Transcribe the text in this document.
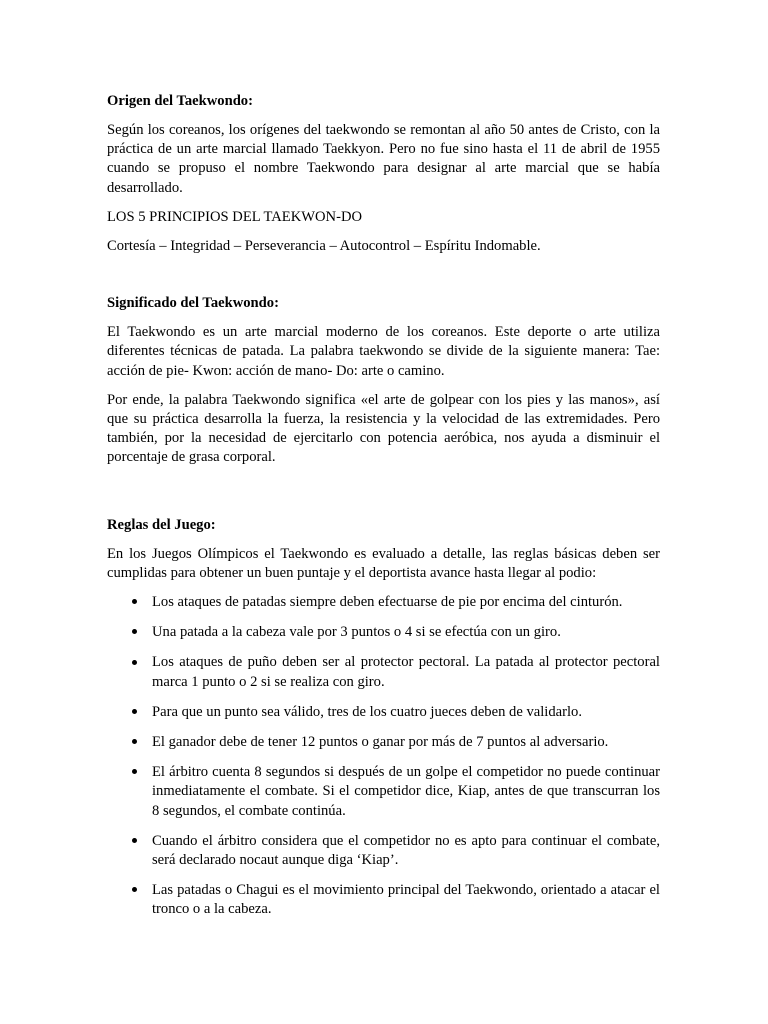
Origen del Taekwondo:
Según los coreanos, los orígenes del taekwondo se remontan al año 50 antes de Cristo, con la práctica de un arte marcial llamado Taekkyon. Pero no fue sino hasta el 11 de abril de 1955 cuando se propuso el nombre Taekwondo para designar al arte marcial que se había desarrollado.
LOS 5 PRINCIPIOS DEL TAEKWON-DO
Cortesía – Integridad – Perseverancia – Autocontrol – Espíritu Indomable.
Significado del Taekwondo:
El Taekwondo es un arte marcial moderno de los coreanos. Este deporte o arte utiliza diferentes técnicas de patada. La palabra taekwondo se divide de la siguiente manera: Tae: acción de pie- Kwon: acción de mano- Do: arte o camino.
Por ende, la palabra Taekwondo significa «el arte de golpear con los pies y las manos», así que su práctica desarrolla la fuerza, la resistencia y la velocidad de las extremidades. Pero también, por la necesidad de ejercitarlo con potencia aeróbica, nos ayuda a disminuir el porcentaje de grasa corporal.
Reglas del Juego:
En los Juegos Olímpicos el Taekwondo es evaluado a detalle, las reglas básicas deben ser cumplidas para obtener un buen puntaje y el deportista avance hasta llegar al podio:
Los ataques de patadas siempre deben efectuarse de pie por encima del cinturón.
Una patada a la cabeza vale por 3 puntos o 4 si se efectúa con un giro.
Los ataques de puño deben ser al protector pectoral. La patada al protector pectoral marca 1 punto o 2 si se realiza con giro.
Para que un punto sea válido, tres de los cuatro jueces deben de validarlo.
El ganador debe de tener 12 puntos o ganar por más de 7 puntos al adversario.
El árbitro cuenta 8 segundos si después de un golpe el competidor no puede continuar inmediatamente el combate. Si el competidor dice, Kiap, antes de que transcurran los 8 segundos, el combate continúa.
Cuando el árbitro considera que el competidor no es apto para continuar el combate, será declarado nocaut aunque diga ‘Kiap’.
Las patadas o Chagui es el movimiento principal del Taekwondo, orientado a atacar el tronco o a la cabeza.
